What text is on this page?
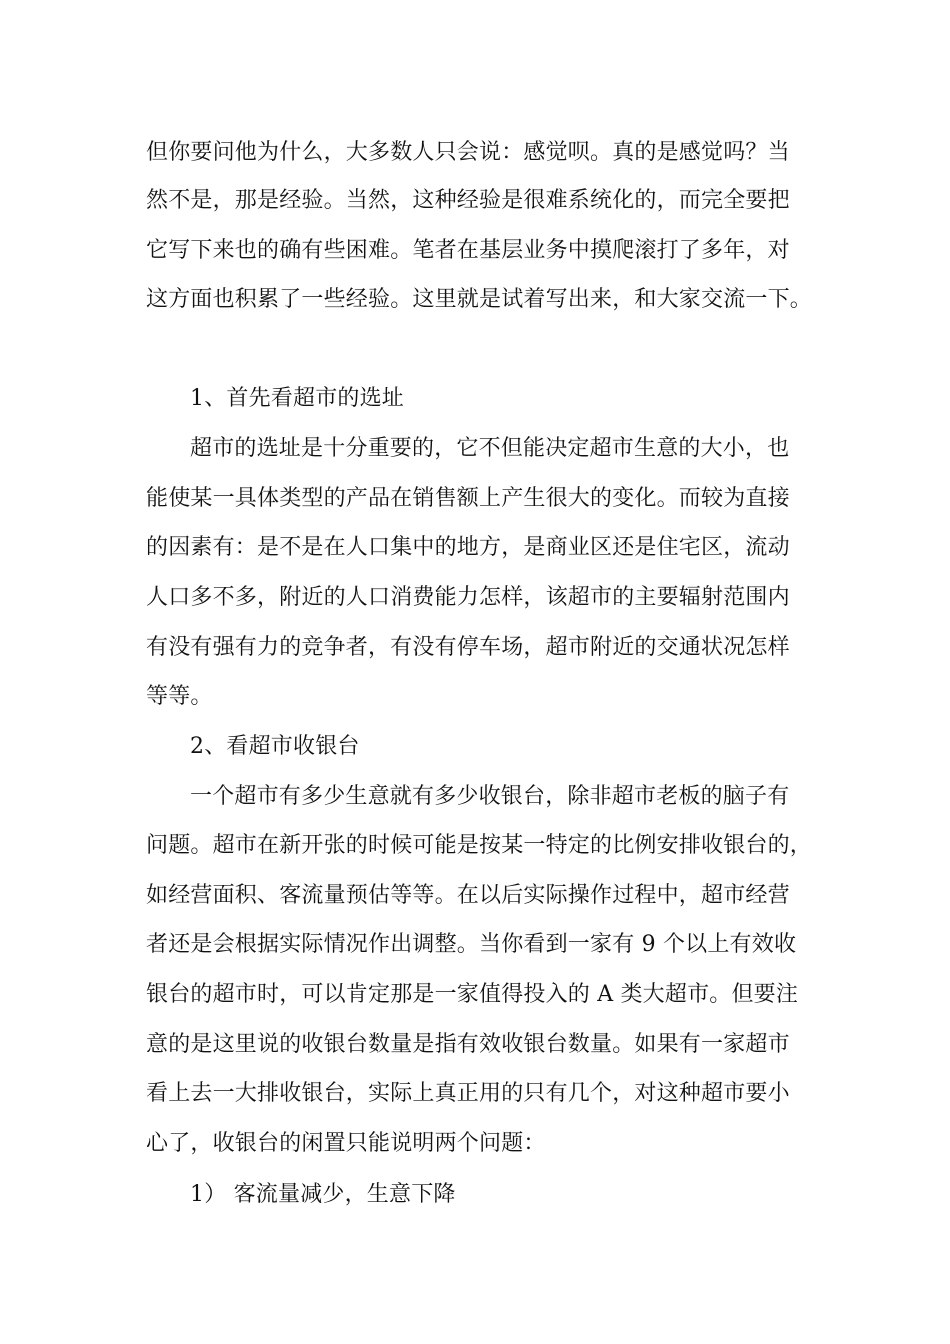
但你要问他为什么，大多数人只会说：感觉呗。真的是感觉吗？当
然不是，那是经验。当然，这种经验是很难系统化的，而完全要把
它写下来也的确有些困难。笔者在基层业务中摸爬滚打了多年，对
这方面也积累了一些经验。这里就是试着写出来，和大家交流一下。
1、首先看超市的选址
超市的选址是十分重要的，它不但能决定超市生意的大小，也
能使某一具体类型的产品在销售额上产生很大的变化。而较为直接
的因素有：是不是在人口集中的地方，是商业区还是住宅区，流动
人口多不多，附近的人口消费能力怎样，该超市的主要辐射范围内
有没有强有力的竞争者，有没有停车场，超市附近的交通状况怎样
等等。
2、看超市收银台
一个超市有多少生意就有多少收银台，除非超市老板的脑子有
问题。超市在新开张的时候可能是按某一特定的比例安排收银台的，
如经营面积、客流量预估等等。在以后实际操作过程中，超市经营
者还是会根据实际情况作出调整。当你看到一家有 9 个以上有效收
银台的超市时，可以肯定那是一家值得投入的 A 类大超市。但要注
意的是这里说的收银台数量是指有效收银台数量。如果有一家超市
看上去一大排收银台，实际上真正用的只有几个，对这种超市要小
心了，收银台的闲置只能说明两个问题：
1） 客流量减少，生意下降
